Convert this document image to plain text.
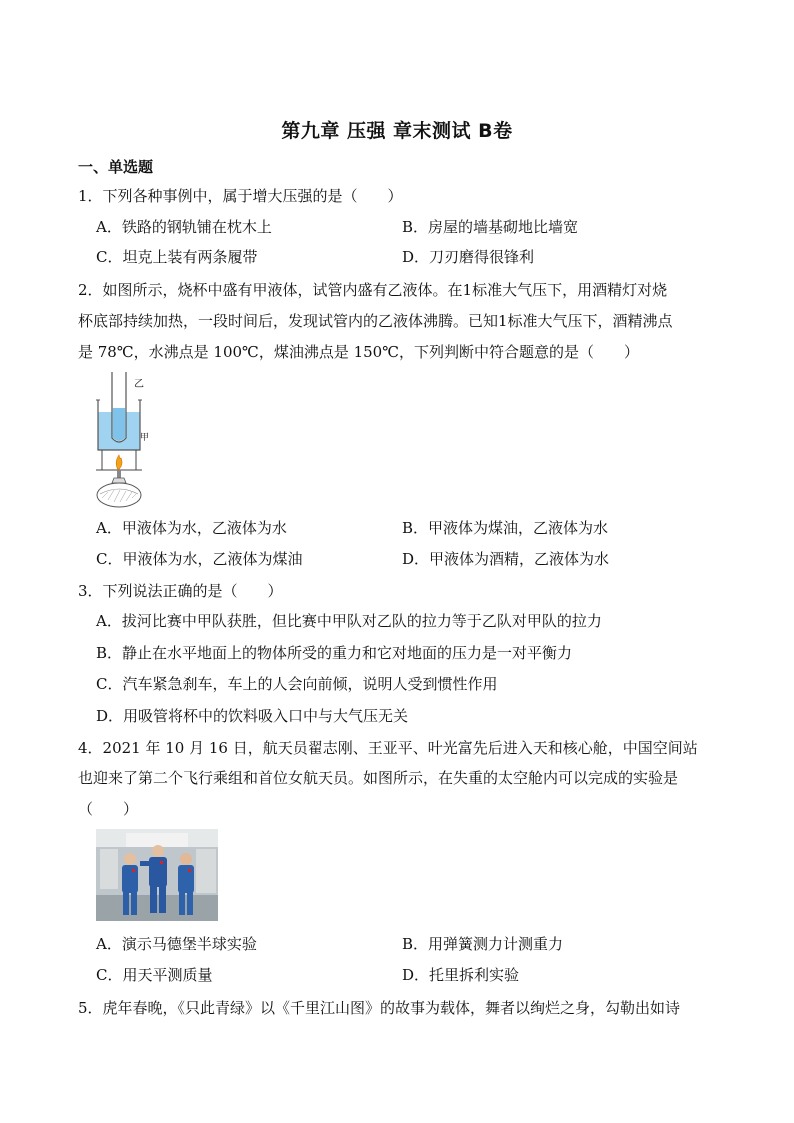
第九章 压强 章末测试 B卷
一、单选题
1．下列各种事例中，属于增大压强的是（　　）
A．铁路的钢轨铺在枕木上	B．房屋的墙基砌地比墙宽
C．坦克上装有两条履带	D．刀刃磨得很锋利
2．如图所示，烧杯中盛有甲液体，试管内盛有乙液体。在1标准大气压下，用酒精灯对烧
杯底部持续加热，一段时间后，发现试管内的乙液体沸腾。已知1标准大气压下，酒精沸点
是 78℃，水沸点是 100℃，煤油沸点是 150℃，下列判断中符合题意的是（　　）
乙
甲
A．甲液体为水，乙液体为水	B．甲液体为煤油，乙液体为水
C．甲液体为水，乙液体为煤油	D．甲液体为酒精，乙液体为水
3．下列说法正确的是（　　）
A．拔河比赛中甲队获胜，但比赛中甲队对乙队的拉力等于乙队对甲队的拉力
B．静止在水平地面上的物体所受的重力和它对地面的压力是一对平衡力
C．汽车紧急刹车，车上的人会向前倾，说明人受到惯性作用
D．用吸管将杯中的饮料吸入口中与大气压无关
4．2021 年 10 月 16 日，航天员翟志刚、王亚平、叶光富先后进入天和核心舱，中国空间站
也迎来了第二个飞行乘组和首位女航天员。如图所示，在失重的太空舱内可以完成的实验是
（　　）
A．演示马德堡半球实验	B．用弹簧测力计测重力
C．用天平测质量	D．托里拆利实验
5．虎年春晚，《只此青绿》以《千里江山图》的故事为载体，舞者以绚烂之身，勾勒出如诗
